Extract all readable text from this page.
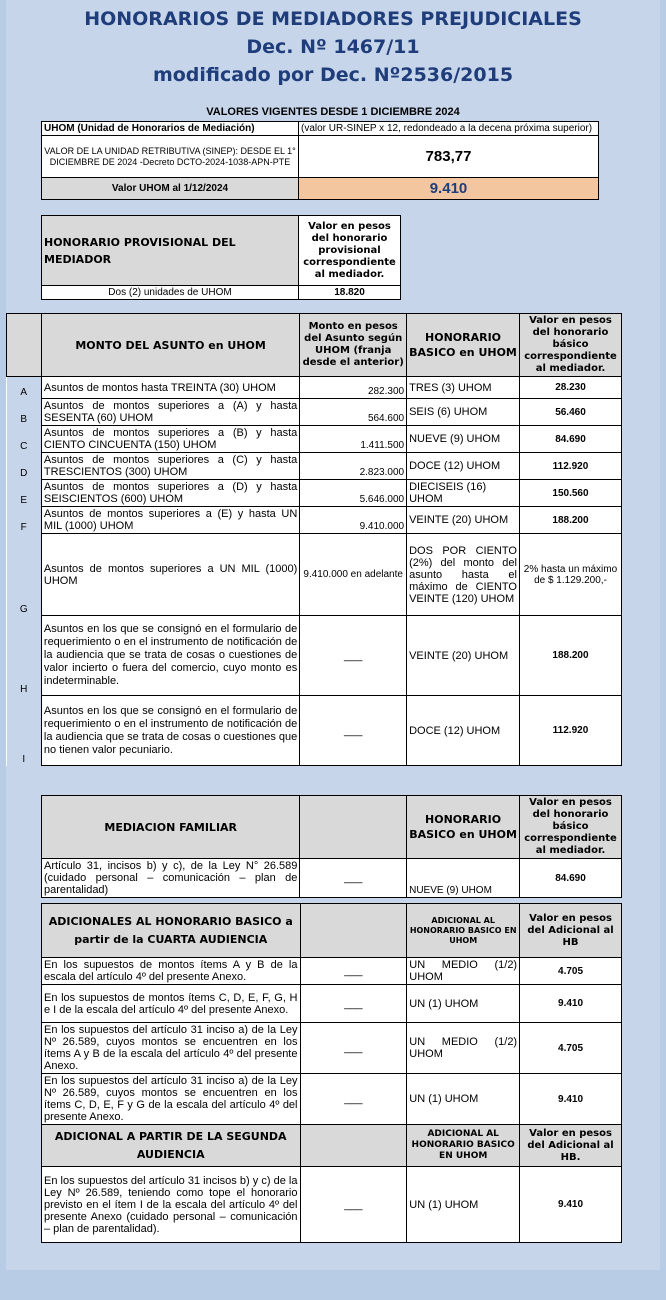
HONORARIOS DE MEDIADORES PREJUDICIALES
Dec. Nº 1467/11
modificado por Dec. Nº2536/2015
VALORES VIGENTES DESDE 1 DICIEMBRE 2024
UHOM (Unidad de Honorarios de Mediación)	(valor UR-SINEP x 12, redondeado a la decena próxima superior)
VALOR DE LA UNIDAD RETRIBUTIVA (SINEP): DESDE EL 1° DICIEMBRE DE 2024 -Decreto DCTO-2024-1038-APN-PTE	783,77
Valor UHOM al 1/12/2024	9.410
HONORARIO PROVISIONAL DEL MEDIADOR	Valor en pesos del honorario provisional correspondiente al mediador.
Dos (2) unidades de UHOM	18.820
	MONTO DEL ASUNTO en UHOM	Monto en pesos del Asunto según UHOM (franja desde el anterior)	HONORARIO BASICO en UHOM	Valor en pesos del honorario básico correspondiente al mediador.
A	Asuntos de montos hasta TREINTA (30) UHOM	282.300	TRES (3) UHOM	28.230
B	Asuntos de montos superiores a (A) y hasta SESENTA (60) UHOM	564.600	SEIS (6) UHOM	56.460
C	Asuntos de montos superiores a (B) y hasta CIENTO CINCUENTA (150) UHOM	1.411.500	NUEVE (9) UHOM	84.690
D	Asuntos de montos superiores a (C) y hasta TRESCIENTOS (300) UHOM	2.823.000	DOCE (12) UHOM	112.920
E	Asuntos de montos superiores a (D) y hasta SEISCIENTOS (600) UHOM	5.646.000	DIECISEIS (16) UHOM	150.560
F	Asuntos de montos superiores a (E) y hasta UN MIL (1000) UHOM	9.410.000	VEINTE (20) UHOM	188.200
G	Asuntos de montos superiores a UN MIL (1000) UHOM	9.410.000 en adelante	DOS POR CIENTO (2%) del monto del asunto hasta el máximo de CIENTO VEINTE (120) UHOM	2% hasta un máximo de $ 1.129.200,-
H	Asuntos en los que se consignó en el formulario de requerimiento o en el instrumento de notificación de la audiencia que se trata de cosas o cuestiones de valor incierto o fuera del comercio, cuyo monto es indeterminable.	___	VEINTE (20) UHOM	188.200
I	Asuntos en los que se consignó en el formulario de requerimiento o en el instrumento de notificación de la audiencia que se trata de cosas o cuestiones que no tienen valor pecuniario.	___	DOCE (12) UHOM	112.920
MEDIACION FAMILIAR		HONORARIO BASICO en UHOM	Valor en pesos del honorario básico correspondiente al mediador.
Artículo 31, incisos b) y c), de la Ley N° 26.589 (cuidado personal – comunicación – plan de parentalidad)	___	NUEVE (9) UHOM	84.690
ADICIONALES AL HONORARIO BASICO a partir de la CUARTA AUDIENCIA		ADICIONAL AL HONORARIO BASICO EN UHOM	Valor en pesos del Adicional al HB
En los supuestos de montos ítems A y B de la escala del artículo 4º del presente Anexo.	___	UN MEDIO (1/2) UHOM	4.705
En los supuestos de montos ítems C, D, E, F, G, H e I de la escala del artículo 4º del presente Anexo.	___	UN (1) UHOM	9.410
En los supuestos del artículo 31 inciso a) de la Ley Nº 26.589, cuyos montos se encuentren en los ítems A y B de la escala del artículo 4º del presente Anexo.	___	UN MEDIO (1/2) UHOM	4.705
En los supuestos del artículo 31 inciso a) de la Ley Nº 26.589, cuyos montos se encuentren en los ítems C, D, E, F y G de la escala del artículo 4º del presente Anexo.	___	UN (1) UHOM	9.410
ADICIONAL A PARTIR DE LA SEGUNDA AUDIENCIA		ADICIONAL AL HONORARIO BASICO EN UHOM	Valor en pesos del Adicional al HB.
En los supuestos del artículo 31 incisos b) y c) de la Ley Nº 26.589, teniendo como tope el honorario previsto en el ítem I de la escala del artículo 4º del presente Anexo (cuidado personal – comunicación – plan de parentalidad).	___	UN (1) UHOM	9.410
